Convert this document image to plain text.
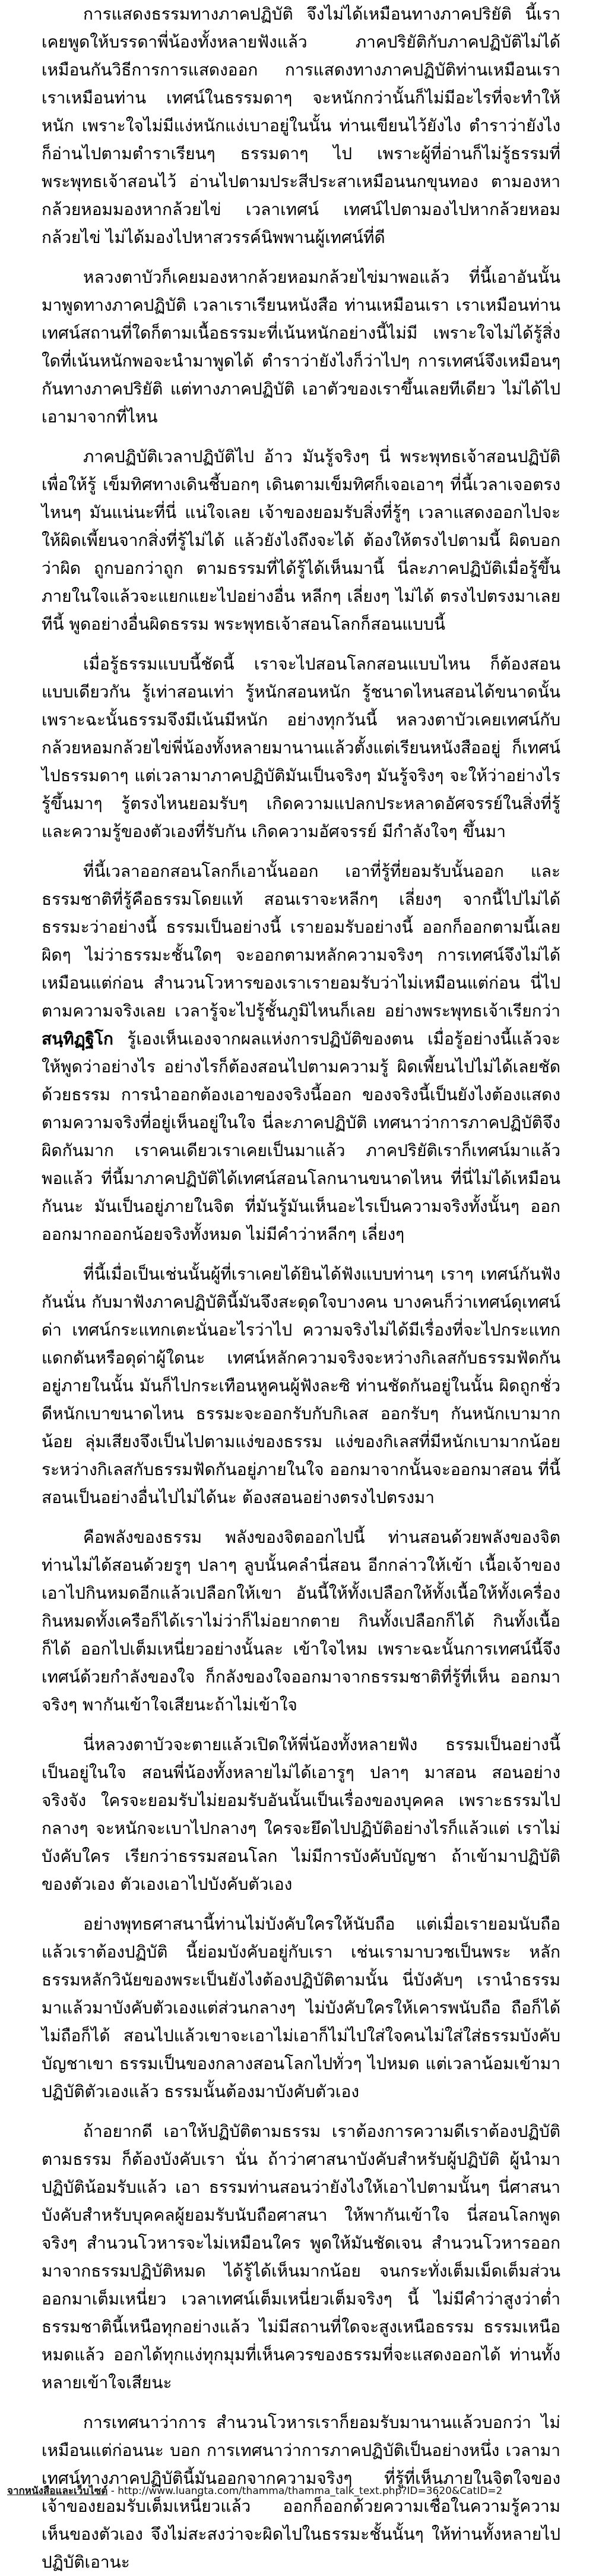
การแสดงธรรมทางภาคปฏิบัติ จึงไม่ได้เหมือนทางภาคปริยัติ นี้เราเคยพูดให้บรรดาพี่น้องทั้งหลายฟังแล้ว ภาคปริยัติกับภาคปฏิบัติไม่ได้เหมือนกันวิธีการการแสดงออก การแสดงทางภาคปฏิบัติท่านเหมือนเรา เราเหมือนท่าน เทศน์ในธรรมดาๆ จะหนักกว่านั้นก็ไม่มีอะไรที่จะทำให้หนัก เพราะใจไม่มีแง่หนักแง่เบาอยู่ในนั้น ท่านเขียนไว้ยังไง ตำราว่ายังไง ก็อ่านไปตามตำราเรียนๆ ธรรมดาๆ ไป เพราะผู้ที่อ่านก็ไม่รู้ธรรมที่พระพุทธเจ้าสอนไว้ อ่านไปตามประสีประสาเหมือนนกขุนทอง ตามองหากล้วยหอมมองหากล้วยไข่ เวลาเทศน์ เทศน์ไปตามองไปหากล้วยหอมกล้วยไข่ ไม่ได้มองไปหาสวรรค์นิพพานผู้เทศน์ที่ดี

หลวงตาบัวก็เคยมองหากล้วยหอมกล้วยไข่มาพอแล้ว ที่นี้เอาอันนั้นมาพูดทางภาคปฏิบัติ เวลาเราเรียนหนังสือ ท่านเหมือนเรา เราเหมือนท่าน เทศน์สถานที่ใดก็ตามเนื้อธรรมะที่เน้นหนักอย่างนี้ไม่มี เพราะใจไม่ได้รู้สิ่งใดที่เน้นหนักพอจะนำมาพูดได้ ตำราว่ายังไงก็ว่าไปๆ การเทศน์จึงเหมือนๆ กันทางภาคปริยัติ แต่ทางภาคปฏิบัติ เอาตัวของเราขึ้นเลยทีเดียว ไม่ได้ไปเอามาจากที่ไหน

ภาคปฏิบัติเวลาปฏิบัติไป อ้าว มันรู้จริงๆ นี่ พระพุทธเจ้าสอนปฏิบัติเพื่อให้รู้ เข็มทิศทางเดินชี้บอกๆ เดินตามเข็มทิศก็เจอเอาๆ ที่นี้เวลาเจอตรงไหนๆ มันแน่นะที่นี่ แน่ใจเลย เจ้าของยอมรับสิ่งที่รู้ๆ เวลาแสดงออกไปจะให้ผิดเพี้ยนจากสิ่งที่รู้ไม่ได้ แล้วยังไงถึงจะได้ ต้องให้ตรงไปตามนี้ ผิดบอกว่าผิด ถูกบอกว่าถูก ตามธรรมที่ได้รู้ได้เห็นมานี้ นี่ละภาคปฏิบัติเมื่อรู้ขึ้นภายในใจแล้วจะแยกแยะไปอย่างอื่น หลีกๆ เลี่ยงๆ ไม่ได้ ตรงไปตรงมาเลยทีนี้ พูดอย่างอื่นผิดธรรม พระพุทธเจ้าสอนโลกก็สอนแบบนี้

เมื่อรู้ธรรมแบบนี้ชัดนี้ เราจะไปสอนโลกสอนแบบไหน ก็ต้องสอนแบบเดียวกัน รู้เท่าสอนเท่า รู้หนักสอนหนัก รู้ชนาดไหนสอนได้ขนาดนั้น เพราะฉะนั้นธรรมจึงมีเน้นมีหนัก อย่างทุกวันนี้ หลวงตาบัวเคยเทศน์กับกล้วยหอมกล้วยไข่พี่น้องทั้งหลายมานานแล้วตั้งแต่เรียนหนังสืออยู่ ก็เทศน์ไปธรรมดาๆ แต่เวลามาภาคปฏิบัติมันเป็นจริงๆ มันรู้จริงๆ จะให้ว่าอย่างไร รู้ขึ้นมาๆ รู้ตรงไหนยอมรับๆ เกิดความแปลกประหลาดอัศจรรย์ในสิ่งที่รู้และความรู้ของตัวเองที่รับกัน เกิดความอัศจรรย์ มีกำลังใจๆ ขึ้นมา

ที่นี้เวลาออกสอนโลกก็เอานั้นออก เอาที่รู้ที่ยอมรับนั้นออก และธรรมชาติที่รู้คือธรรมโดยแท้ สอนเราจะหลีกๆ เลี่ยงๆ จากนี้ไปไม่ได้ ธรรมะว่าอย่างนี้ ธรรมเป็นอย่างนี้ เรายอมรับอย่างนี้ ออกก็ออกตามนี้เลย ผิดๆ ไม่ว่าธรรมะชั้นใดๆ จะออกตามหลักความจริงๆ การเทศน์จึงไม่ได้เหมือนแต่ก่อน สำนวนโวหารของเราเรายอมรับว่าไม่เหมือนแต่ก่อน นี่ไปตามความจริงเลย เวลารู้จะไปรู้ชั้นภูมิไหนก็เลย อย่างพระพุทธเจ้าเรียกว่า สนฺทิฏฺฐิโก รู้เองเห็นเองจากผลแห่งการปฏิบัติของตน เมื่อรู้อย่างนี้แล้วจะให้พูดว่าอย่างไร อย่างไรก็ต้องสอนไปตามความรู้ ผิดเพี้ยนไปไม่ได้เลยชัดด้วยธรรม การนำออกต้องเอาของจริงนี้ออก ของจริงนี้เป็นยังไงต้องแสดงตามความจริงที่อยู่เห็นอยู่ในใจ นี่ละภาคปฏิบัติ เทศนาว่าการภาคปฏิบัติจึงผิดกันมาก เราคนเดียวเราเคยเป็นมาแล้ว ภาคปริยัติเราก็เทศน์มาแล้วพอแล้ว ที่นี้มาภาคปฏิบัติได้เทศน์สอนโลกนานขนาดไหน ที่นี่ไม่ได้เหมือนกันนะ มันเป็นอยู่ภายในจิต ที่มันรู้มันเห็นอะไรเป็นความจริงทั้งนั้นๆ ออก ออกมากออกน้อยจริงทั้งหมด ไม่มีคำว่าหลีกๆ เลี่ยงๆ

ที่นี้เมื่อเป็นเช่นนั้นผู้ที่เราเคยได้ยินได้ฟังแบบท่านๆ เราๆ เทศน์กันฟังกันนั่น กับมาฟังภาคปฏิบัตินี้มันจึงสะดุดใจบางคน บางคนก็ว่าเทศน์ดุเทศน์ด่า เทศน์กระแทกเตะนั่นอะไรว่าไป ความจริงไม่ได้มีเรื่องที่จะไปกระแทกแดกดันหรือดุด่าผู้ใดนะ เทศน์หลักความจริงจะหว่างกิเลสกับธรรมฟัดกันอยู่ภายในนั้น มันก็ไปกระเทือนหูคนผู้ฟังละซิ ท่านชัดกันอยู่ในนั้น ผิดถูกชั่วดีหนักเบาขนาดไหน ธรรมะจะออกรับกับกิเลส ออกรับๆ กันหนักเบามากน้อย ลุ่มเสียงจึงเป็นไปตามแง่ของธรรม แง่ของกิเลสที่มีหนักเบามากน้อย ระหว่างกิเลสกับธรรมฟัดกันอยู่ภายในใจ ออกมาจากนั้นจะออกมาสอน ที่นี้สอนเป็นอย่างอื่นไปไม่ได้นะ ต้องสอนอย่างตรงไปตรงมา

คือพลังของธรรม พลังของจิตออกไปนี้ ท่านสอนด้วยพลังของจิต ท่านไม่ได้สอนด้วยรูๆ ปลาๆ ลูบนั้นคลำนี่สอน อีกกล่าวให้เข้า เนื้อเจ้าของเอาไปกินหมดอีกแล้วเปลือกให้เขา อันนี้ให้ทั้งเปลือกให้ทั้งเนื้อให้ทั้งเครื่อง กินหมดทั้งเครือก็ได้เราไม่ว่าก็ไม่อยากตาย กินทั้งเปลือกก็ได้ กินทั้งเนื้อก็ได้ ออกไปเต็มเหนี่ยวอย่างนั้นละ เข้าใจไหม เพราะฉะนั้นการเทศน์นี้จึงเทศน์ด้วยกำลังของใจ ก็กลังของใจออกมาจากธรรมชาติที่รู้ที่เห็น ออกมาจริงๆ พากันเข้าใจเสียนะถ้าไม่เข้าใจ

นี่หลวงตาบัวจะตายแล้วเปิดให้พี่น้องทั้งหลายฟัง ธรรมเป็นอย่างนี้ เป็นอยู่ในใจ สอนพี่น้องทั้งหลายไม่ได้เอารูๆ ปลาๆ มาสอน สอนอย่างจริงจัง ใครจะยอมรับไม่ยอมรับอันนั้นเป็นเรื่องของบุคคล เพราะธรรมไปกลางๆ จะหนักจะเบาไปกลางๆ ใครจะยึดไปปฏิบัติอย่างไรก็แล้วแต่ เราไม่บังคับใคร เรียกว่าธรรมสอนโลก ไม่มีการบังคับบัญชา ถ้าเข้ามาปฏิบัติของตัวเอง ตัวเองเอาไปบังคับตัวเอง

อย่างพุทธศาสนานี้ท่านไม่บังคับใครให้นับถือ แต่เมื่อเรายอมนับถือแล้วเราต้องปฏิบัติ นี้ย่อมบังคับอยู่กับเรา เช่นเรามาบวชเป็นพระ หลักธรรมหลักวินัยของพระเป็นยังไงต้องปฏิบัติตามนั้น นี่บังคับๆ เรานำธรรมมาแล้วมาบังคับตัวเองแต่ส่วนกลางๆ ไม่บังคับใครให้เคารพนับถือ ถือก็ได้ไม่ถือก็ได้ สอนไปแล้วเขาจะเอาไม่เอาก็ไม่ไปใส่ใจคนไม่ใส่ใส่ธรรมบังคับบัญชาเขา ธรรมเป็นของกลางสอนโลกไปทั่วๆ ไปหมด แต่เวลาน้อมเข้ามาปฏิบัติตัวเองแล้ว ธรรมนั้นต้องมาบังคับตัวเอง

ถ้าอยากดี เอาให้ปฏิบัติตามธรรม เราต้องการความดีเราต้องปฏิบัติตามธรรม ก็ต้องบังคับเรา นั่น ถ้าว่าศาสนาบังคับสำหรับผู้ปฏิบัติ ผู้นำมาปฏิบัติน้อมรับแล้ว เอา ธรรมท่านสอนว่ายังไงให้เอาไปตามนั้นๆ นี่ศาสนาบังคับสำหรับบุคคลผู้ยอมรับนับถือศาสนา ให้พากันเข้าใจ นี่สอนโลกพูดจริงๆ สำนวนโวหารจะไม่เหมือนใคร พูดให้มันชัดเจน สำนวนโวหารออกมาจากธรรมปฏิบัติหมด ได้รู้ได้เห็นมากน้อย จนกระทั่งเต็มเม็ดเต็มส่วนออกมาเต็มเหนี่ยว เวลาเทศน์เต็มเหนี่ยวเต็มจริงๆ นี้ ไม่มีคำว่าสูงว่าต่ำ ธรรมชาตินี้เหนือทุกอย่างแล้ว ไม่มีสถานที่ใดจะสูงเหนือธรรม ธรรมเหนือหมดแล้ว ออกได้ทุกแง่ทุกมุมที่เห็นควรของธรรมที่จะแสดงออกได้ ท่านทั้งหลายเข้าใจเสียนะ

การเทศนาว่าการ สำนวนโวหารเราก็ยอมรับมานานแล้วบอกว่า ไม่เหมือนแต่ก่อนนะ บอก การเทศนาว่าการภาคปฏิบัติเป็นอย่างหนึ่ง เวลามาเทศน์ทางภาคปฏิบัตินี้มันออกจากความจริงๆ ที่รู้ที่เห็นภายในจิตใจของเจ้าของยอมรับเต็มเหนี่ยวแล้ว ออกก็ออกด้วยความเชื่อในความรู้ความเห็นของตัวเอง จึงไม่สะสงว่าจะผิดไปในธรรมะชั้นนั้นๆ ให้ท่านทั้งหลายไปปฏิบัติเอานะ

จากหนังสือและเว็บไซต์ - http://www.luangta.com/thamma/thamma_talk_text.php?ID=3620&CatID=2
